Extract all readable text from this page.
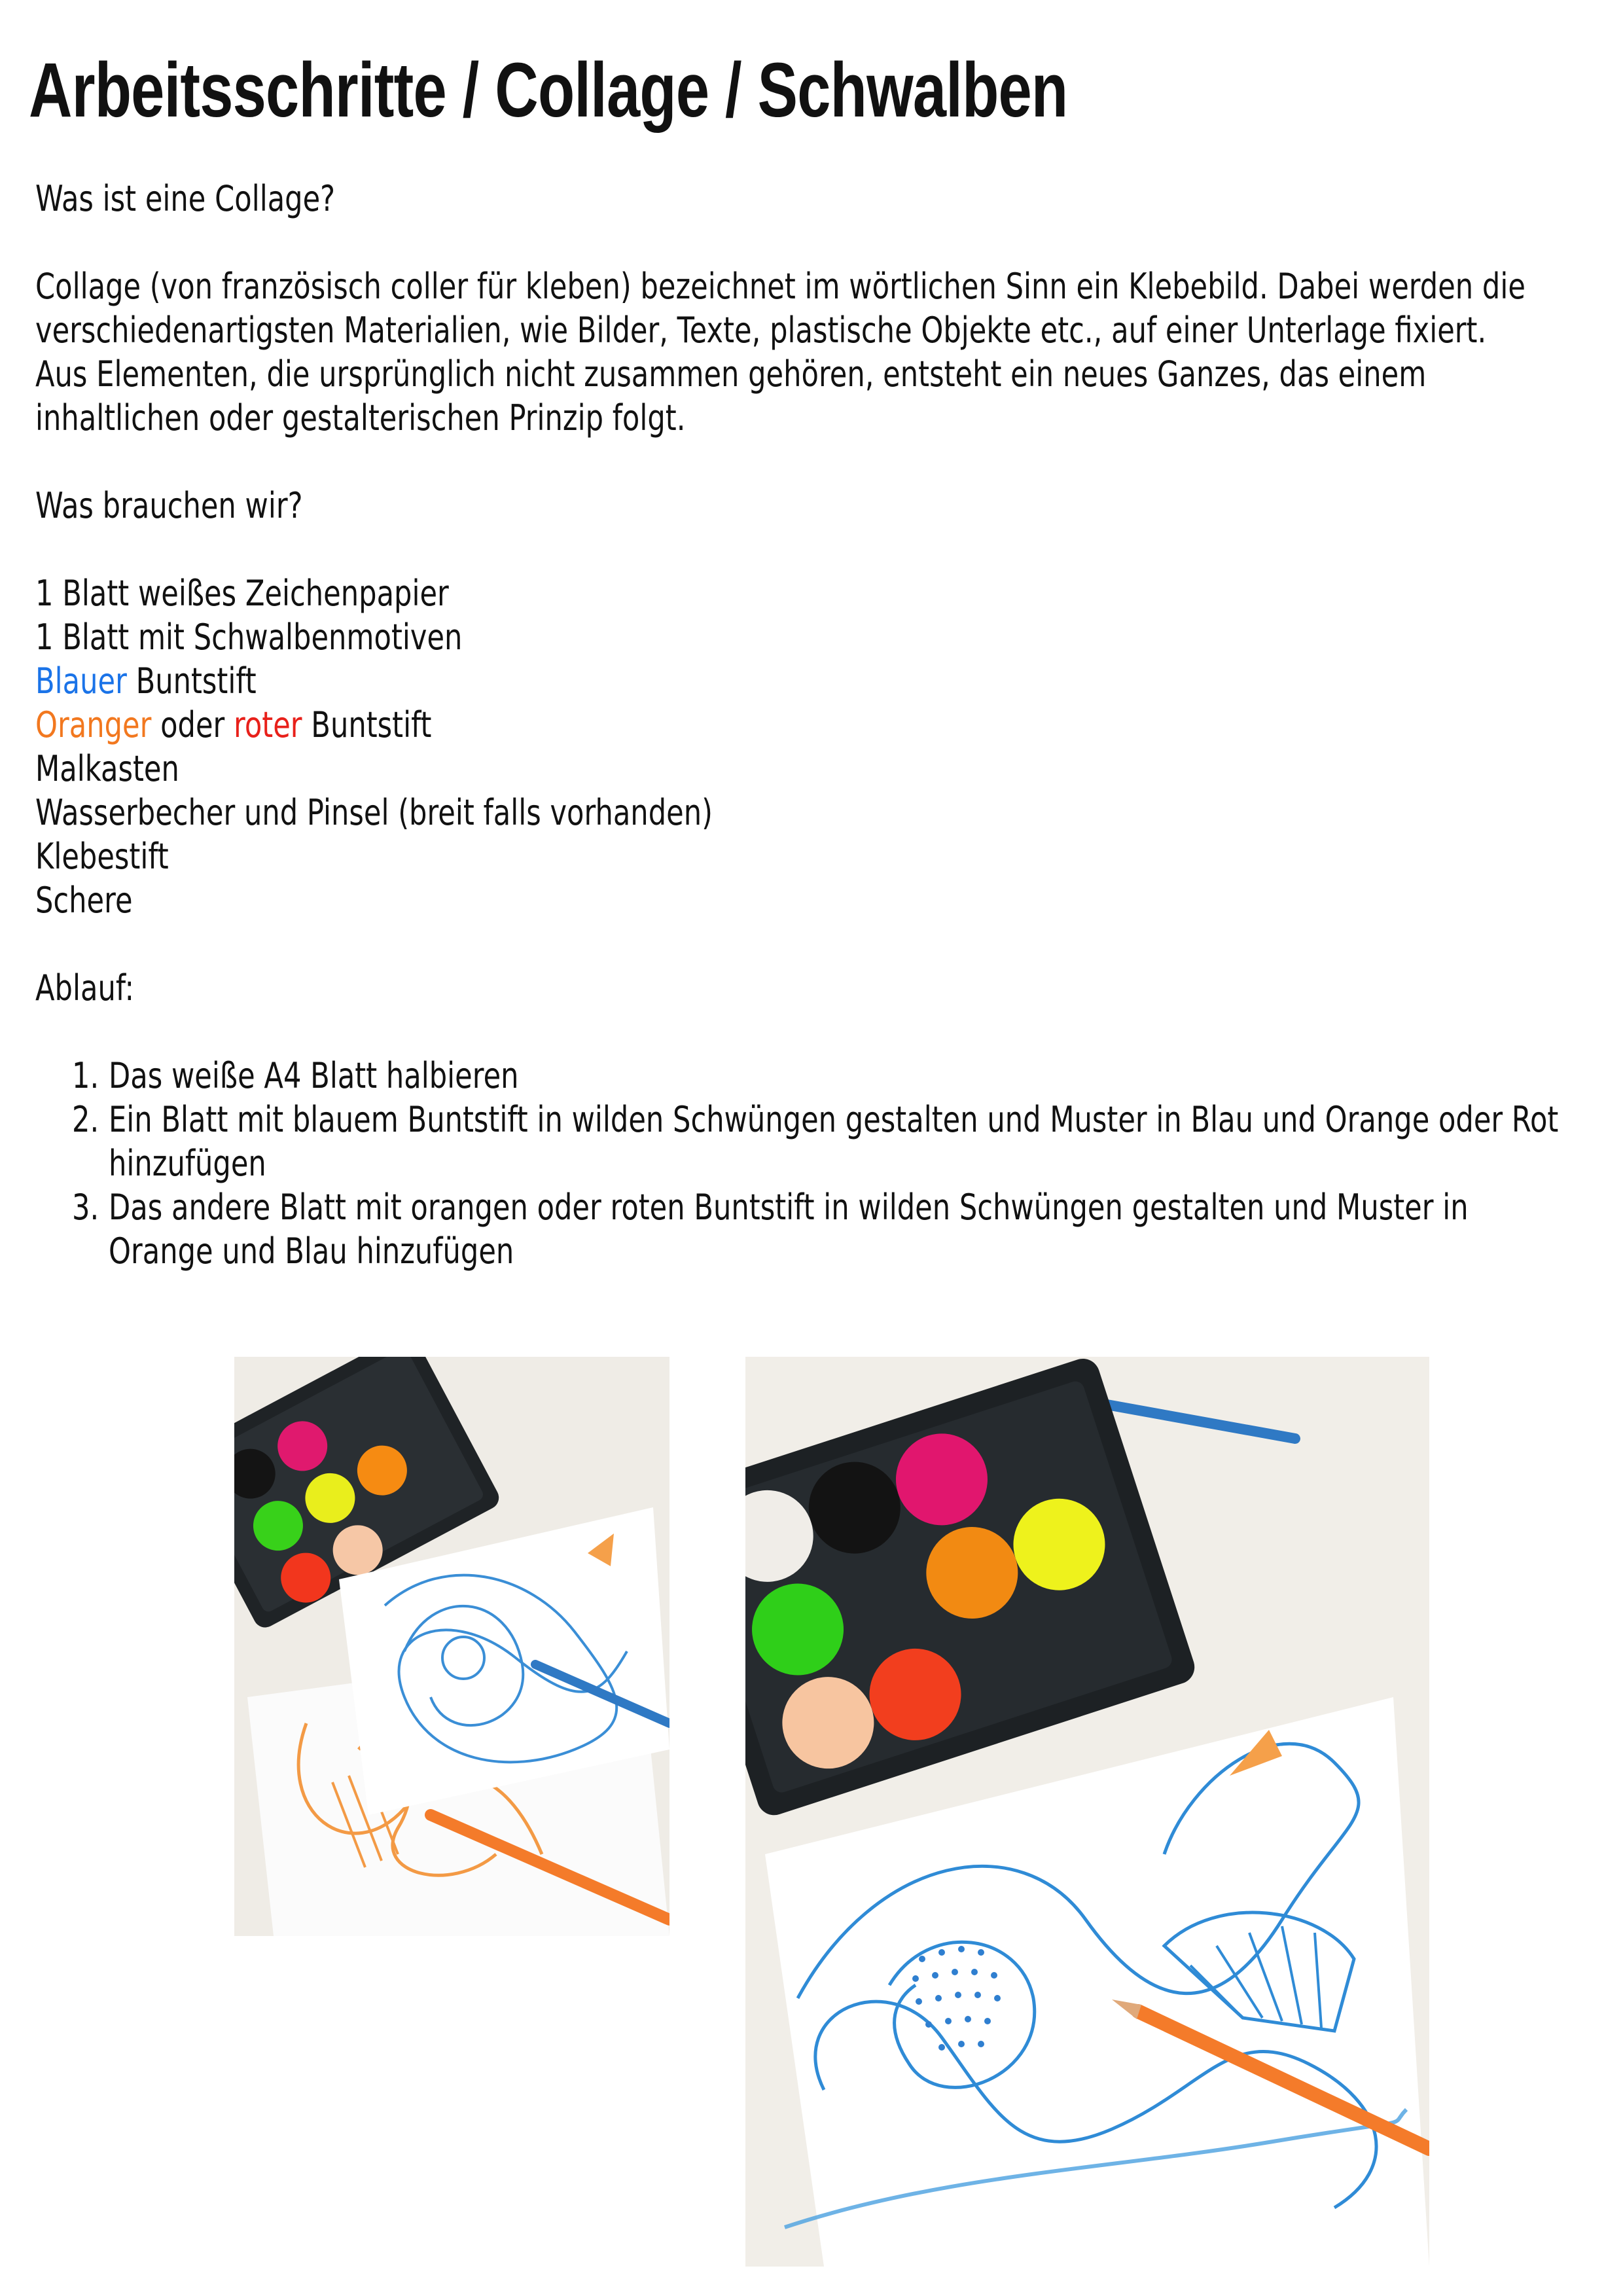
Arbeitsschritte / Collage / Schwalben

Was ist eine Collage?

Collage (von französisch coller für kleben) bezeichnet im wörtlichen Sinn ein Klebebild. Dabei werden die
verschiedenartigsten Materialien, wie Bilder, Texte, plastische Objekte etc., auf einer Unterlage fixiert.
Aus Elementen, die ursprünglich nicht zusammen gehören, entsteht ein neues Ganzes, das einem
inhaltlichen oder gestalterischen Prinzip folgt.

Was brauchen wir?

1 Blatt weißes Zeichenpapier
1 Blatt mit Schwalbenmotiven
Blauer Buntstift
Oranger oder roter Buntstift
Malkasten
Wasserbecher und Pinsel (breit falls vorhanden)
Klebestift
Schere

Ablauf:

1. Das weiße A4 Blatt halbieren
2. Ein Blatt mit blauem Buntstift in wilden Schwüngen gestalten und Muster in Blau und Orange oder Rot
hinzufügen
3. Das andere Blatt mit orangen oder roten Buntstift in wilden Schwüngen gestalten und Muster in
Orange und Blau hinzufügen
